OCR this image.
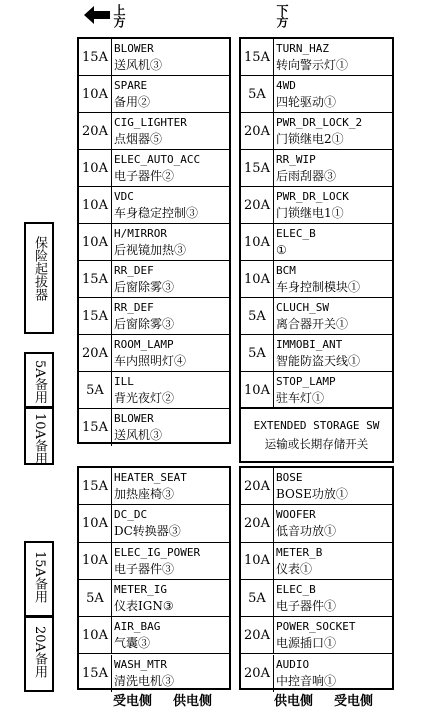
上方	下方
15A
BLOWER
送风机③
10A
SPARE
备用②
20A
CIG_LIGHTER
点烟器⑤
10A
ELEC_AUTO_ACC
电子器件②
10A
VDC
车身稳定控制③
10A
H/MIRROR
后视镜加热③
15A
RR_DEF
后窗除雾③
15A
RR_DEF
后窗除雾③
20A
ROOM_LAMP
车内照明灯④
5A
ILL
背光夜灯②
15A
BLOWER
送风机③
15A
HEATER_SEAT
加热座椅③
10A
DC_DC
DC转换器③
10A
ELEC_IG_POWER
电子器件③
5A
METER_IG
仪表IGN③
10A
AIR_BAG
气囊③
15A
WASH_MTR
清洗电机③
15A
TURN_HAZ
转向警示灯①
5A
4WD
四轮驱动①
20A
PWR_DR_LOCK_2
门锁继电2①
15A
RR_WIP
后雨刮器③
20A
PWR_DR_LOCK
门锁继电1①
10A
ELEC_B
①
10A
BCM
车身控制模块①
5A
CLUCH_SW
离合器开关①
5A
IMMOBI_ANT
智能防盗天线①
10A
STOP_LAMP
驻车灯①
EXTENDED STORAGE SW
运输或长期存储开关
20A
BOSE
BOSE功放①
20A
WOOFER
低音功放①
10A
METER_B
仪表①
5A
ELEC_B
电子器件①
20A
POWER_SOCKET
电源插口①
20A
AUDIO
中控音响①
保险起拔器
5A备用
10A备用
15A备用
20A备用
受电侧 供电侧	供电侧 受电侧
